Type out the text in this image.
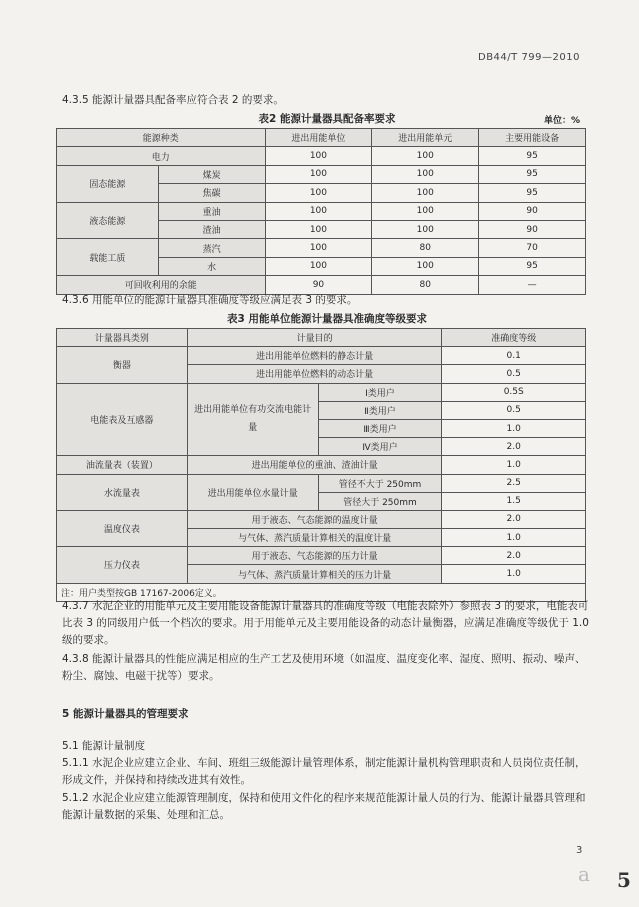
DB44/T 799—2010
4.3.5 能源计量器具配备率应符合表 2 的要求。
表2 能源计量器具配备率要求	单位：%
能源种类		进出用能单位	进出用能单元	主要用能设备
电力		100	100	95
固态能源	煤炭	100	100	95
	焦碳	100	100	95
液态能源	重油	100	100	90
	渣油	100	100	90
载能工质	蒸汽	100	80	70
	水	100	100	95
可回收利用的余能		90	80	—
4.3.6 用能单位的能源计量器具准确度等级应满足表 3 的要求。
表3 用能单位能源计量器具准确度等级要求
计量器具类别	计量目的		准确度等级
衡器	进出用能单位燃料的静态计量		0.1
	进出用能单位燃料的动态计量		0.5
电能表及互感器	进出用能单位有功交流电能计量	Ⅰ类用户	0.5S
		Ⅱ类用户	0.5
		Ⅲ类用户	1.0
		Ⅳ类用户	2.0
油流量表（装置）	进出用能单位的重油、渣油计量		1.0
水流量表	进出用能单位水量计量	管径不大于 250mm	2.5
		管径大于 250mm	1.5
温度仪表	用于液态、气态能源的温度计量		2.0
	与气体、蒸汽质量计算相关的温度计量		1.0
压力仪表	用于液态、气态能源的压力计量		2.0
	与气体、蒸汽质量计算相关的压力计量		1.0
注：用户类型按GB 17167-2006定义。			
4.3.7 水泥企业的用能单元及主要用能设备能源计量器具的准确度等级（电能表除外）参照表 3 的要求，电能表可比表 3 的同级用户低一个档次的要求。用于用能单元及主要用能设备的动态计量衡器，应满足准确度等级优于 1.0 级的要求。
4.3.8 能源计量器具的性能应满足相应的生产工艺及使用环境（如温度、温度变化率、湿度、照明、振动、噪声、粉尘、腐蚀、电磁干扰等）要求。
5 能源计量器具的管理要求
5.1 能源计量制度
5.1.1 水泥企业应建立企业、车间、班组三级能源计量管理体系，制定能源计量机构管理职责和人员岗位责任制，形成文件，并保持和持续改进其有效性。
5.1.2 水泥企业应建立能源管理制度，保持和使用文件化的程序来规范能源计量人员的行为、能源计量器具管理和能源计量数据的采集、处理和汇总。
3
a 5
